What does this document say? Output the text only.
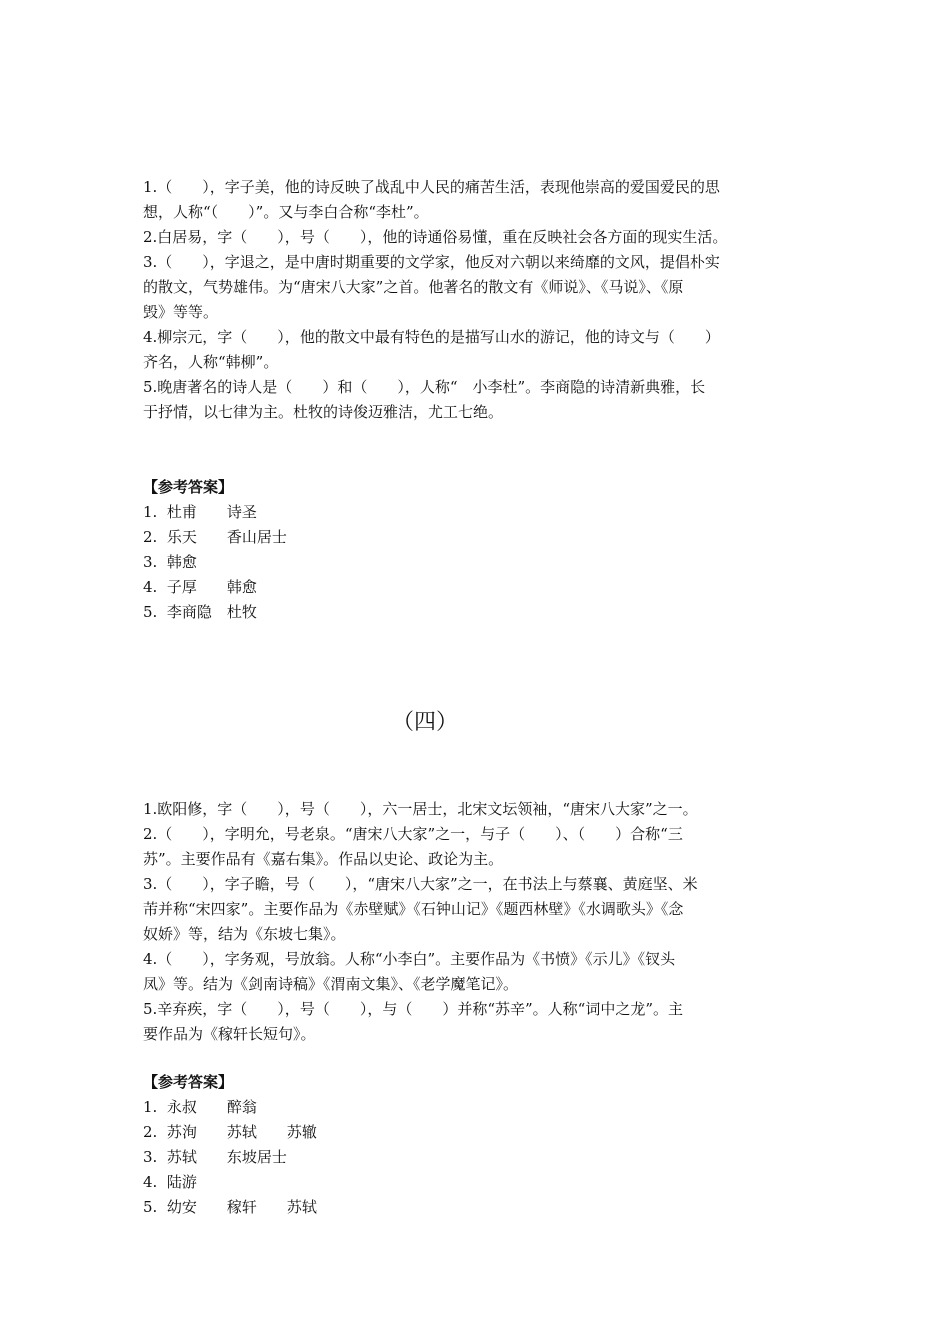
1.（　　），字子美，他的诗反映了战乱中人民的痛苦生活，表现他崇高的爱国爱民的思
想，人称“（　　）”。又与李白合称“李杜”。
2.白居易，字（　　），号（　　），他的诗通俗易懂，重在反映社会各方面的现实生活。
3.（　　），字退之，是中唐时期重要的文学家，他反对六朝以来绮靡的文风，提倡朴实
的散文，气势雄伟。为“唐宋八大家”之首。他著名的散文有《师说》、《马说》、《原
毁》等等。
4.柳宗元，字（　　），他的散文中最有特色的是描写山水的游记，他的诗文与（　　）
齐名，人称“韩柳”。
5.晚唐著名的诗人是（　　）和（　　），人称“　小李杜”。李商隐的诗清新典雅，长
于抒情，以七律为主。杜牧的诗俊迈雅洁，尤工七绝。
【参考答案】
1.  杜甫　　诗圣
2.  乐天　　香山居士
3.  韩愈
4.  子厚　　韩愈
5.  李商隐　杜牧
（四）
1.欧阳修，字（　　），号（　　），六一居士，北宋文坛领袖，“唐宋八大家”之一。
2.（　　），字明允，号老泉。“唐宋八大家”之一，与子（　　）、（　　）合称“三
苏”。主要作品有《嘉右集》。作品以史论、政论为主。
3.（　　），字子瞻，号（　　），“唐宋八大家”之一，在书法上与蔡襄、黄庭坚、米
芾并称“宋四家”。主要作品为《赤壁赋》《石钟山记》《题西林壁》《水调歌头》《念
奴娇》等，结为《东坡七集》。
4.（　　），字务观，号放翁。人称“小李白”。主要作品为《书愤》《示儿》《钗头
凤》等。结为《剑南诗稿》《渭南文集》、《老学魔笔记》。
5.辛弃疾，字（　　），号（　　），与（　　）并称“苏辛”。人称“词中之龙”。主
要作品为《稼轩长短句》。
【参考答案】
1.  永叔　　醉翁
2.  苏洵　　苏轼　　苏辙
3.  苏轼　　东坡居士
4.  陆游
5.  幼安　　稼轩　　苏轼
